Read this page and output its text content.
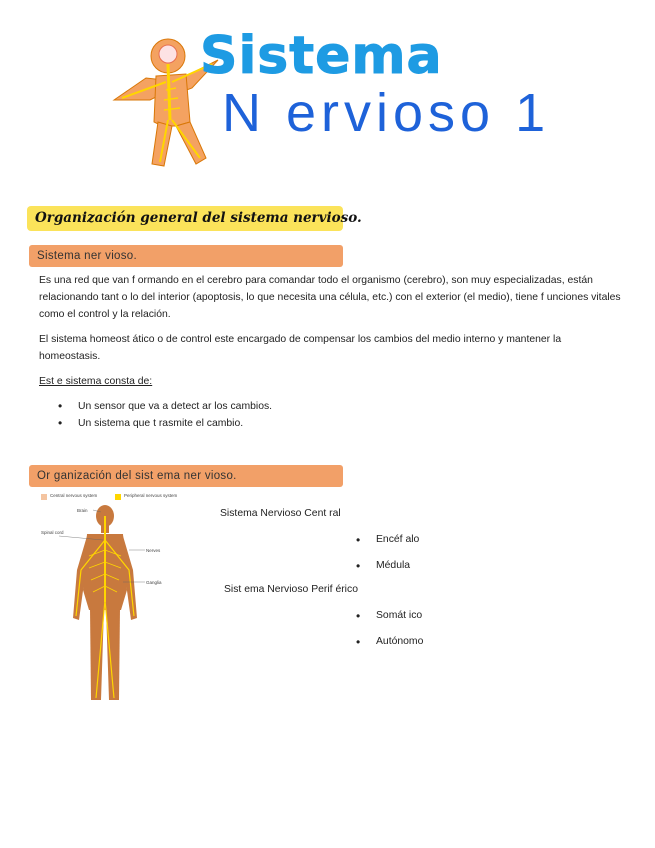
Sistema
N ervioso 1
Organización general del sistema nervioso.
Sistema ner vioso.

Es una red que van f ormando en el cerebro para comandar todo el organismo (cerebro), son muy especializadas, están relacionando tant o lo del interior (apoptosis, lo que necesita una célula, etc.) con el exterior (el medio), tiene f unciones vitales como el control y la relación.

El sistema homeost ático o de control este encargado de compensar los cambios del medio interno y mantener la homeostasis.

Est e sistema consta de:

• Un sensor que va a detect ar los cambios.
• Un sistema que t rasmite el cambio.
Or ganización del sist ema ner vioso.
Central nervous system	Peripheral nervous system
Brain
Spinal cord
Nerves
Ganglia
Sistema Nervioso Cent ral
• Encéf alo
• Médula
Sist ema Nervioso Perif érico
• Somát ico
• Autónomo
